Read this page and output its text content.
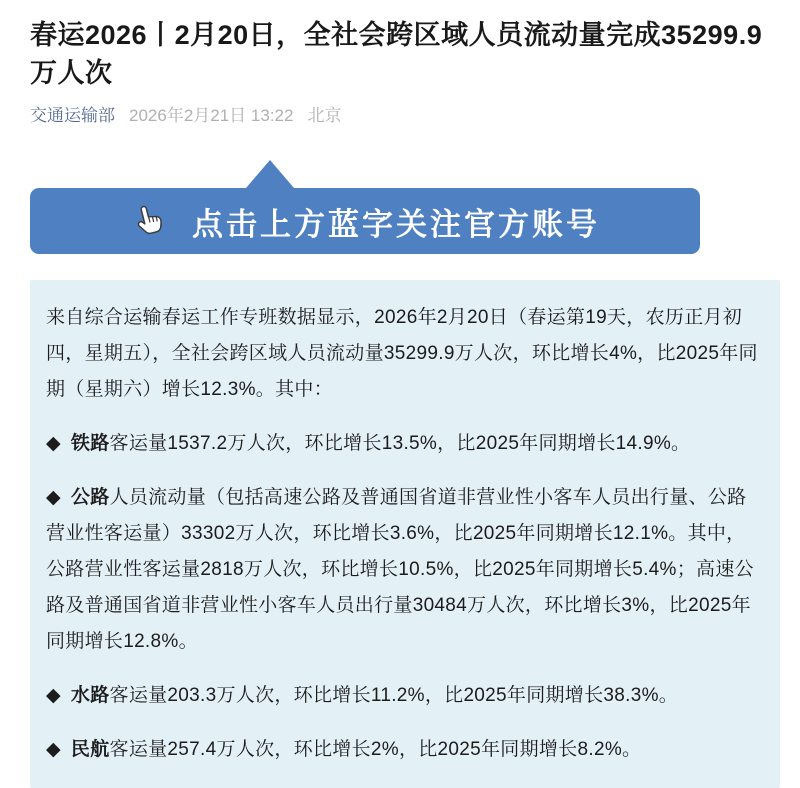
春运2026丨2月20日，全社会跨区域人员流动量完成35299.9万人次
交通运输部 2026年2月21日 13:22 北京
点击上方蓝字关注官方账号

来自综合运输春运工作专班数据显示，2026年2月20日（春运第19天，农历正月初四，星期五），全社会跨区域人员流动量35299.9万人次，环比增长4%，比2025年同期（星期六）增长12.3%。其中：

◆ 铁路客运量1537.2万人次，环比增长13.5%，比2025年同期增长14.9%。

◆ 公路人员流动量（包括高速公路及普通国省道非营业性小客车人员出行量、公路营业性客运量）33302万人次，环比增长3.6%，比2025年同期增长12.1%。其中，公路营业性客运量2818万人次，环比增长10.5%，比2025年同期增长5.4%；高速公路及普通国省道非营业性小客车人员出行量30484万人次，环比增长3%，比2025年同期增长12.8%。

◆ 水路客运量203.3万人次，环比增长11.2%，比2025年同期增长38.3%。

◆ 民航客运量257.4万人次，环比增长2%，比2025年同期增长8.2%。
